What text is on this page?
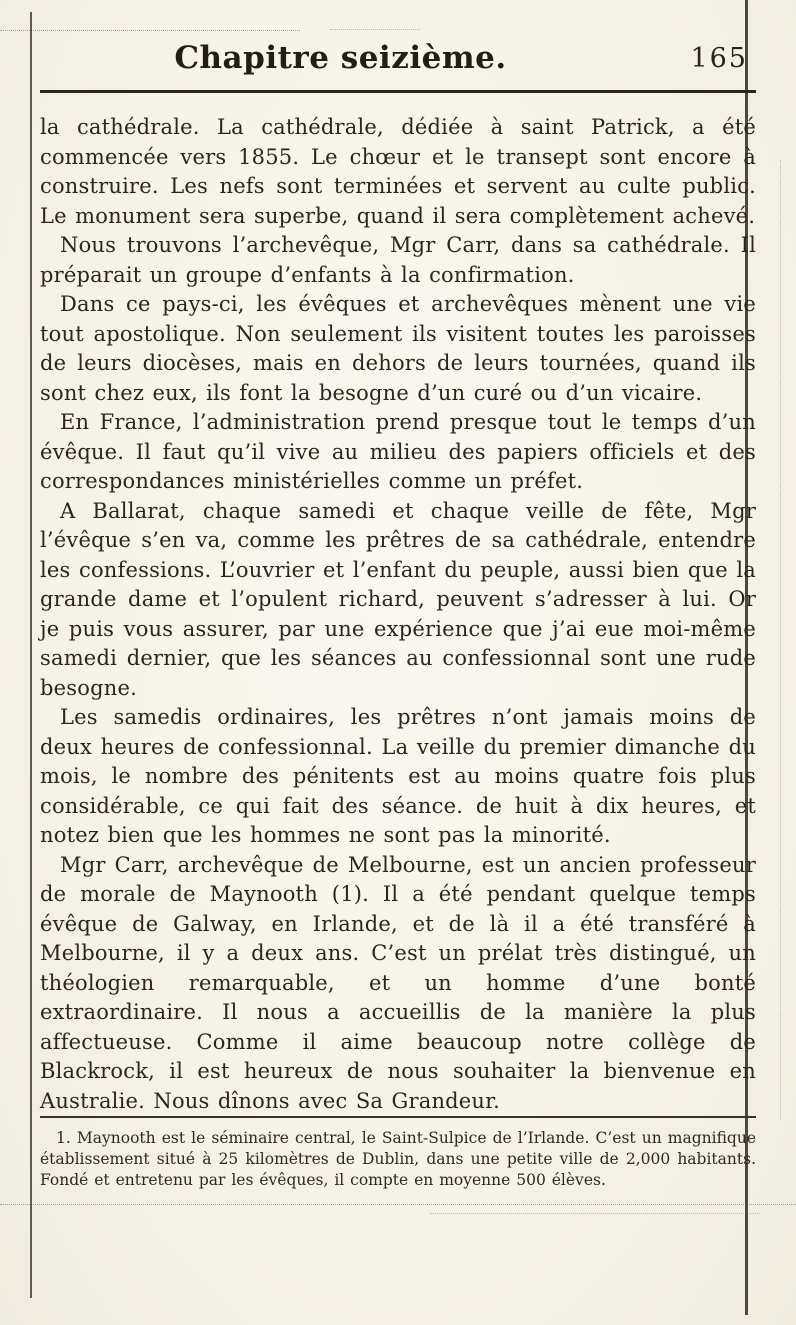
Chapitre seizième.	165

la cathédrale. La cathédrale, dédiée à saint Patrick, a été commencée vers 1855. Le chœur et le transept sont encore à construire. Les nefs sont terminées et servent au culte public. Le monument sera superbe, quand il sera complètement achevé.

Nous trouvons l’archevêque, Mgr Carr, dans sa cathédrale. Il préparait un groupe d’enfants à la confirmation.

Dans ce pays-ci, les évêques et archevêques mènent une vie tout apostolique. Non seulement ils visitent toutes les paroisses de leurs diocèses, mais en dehors de leurs tournées, quand ils sont chez eux, ils font la besogne d’un curé ou d’un vicaire.

En France, l’administration prend presque tout le temps d’un évêque. Il faut qu’il vive au milieu des papiers officiels et des correspondances ministérielles comme un préfet.

A Ballarat, chaque samedi et chaque veille de fête, Mgr l’évêque s’en va, comme les prêtres de sa cathédrale, entendre les confessions. L’ouvrier et l’enfant du peuple, aussi bien que la grande dame et l’opulent richard, peuvent s’adresser à lui. Or je puis vous assurer, par une expérience que j’ai eue moi-même samedi dernier, que les séances au confessionnal sont une rude besogne.

Les samedis ordinaires, les prêtres n’ont jamais moins de deux heures de confessionnal. La veille du premier dimanche du mois, le nombre des pénitents est au moins quatre fois plus considérable, ce qui fait des séance. de huit à dix heures, et notez bien que les hommes ne sont pas la minorité.

Mgr Carr, archevêque de Melbourne, est un ancien professeur de morale de Maynooth (1). Il a été pendant quelque temps évêque de Galway, en Irlande, et de là il a été transféré à Melbourne, il y a deux ans. C’est un prélat très distingué, un théologien remarquable, et un homme d’une bonté extraordinaire. Il nous a accueillis de la manière la plus affectueuse. Comme il aime beaucoup notre collège de Blackrock, il est heureux de nous souhaiter la bienvenue en Australie. Nous dînons avec Sa Grandeur.

1. Maynooth est le séminaire central, le Saint-Sulpice de l’Irlande. C’est un magnifique établissement situé à 25 kilomètres de Dublin, dans une petite ville de 2,000 habitants. Fondé et entretenu par les évêques, il compte en moyenne 500 élèves.
